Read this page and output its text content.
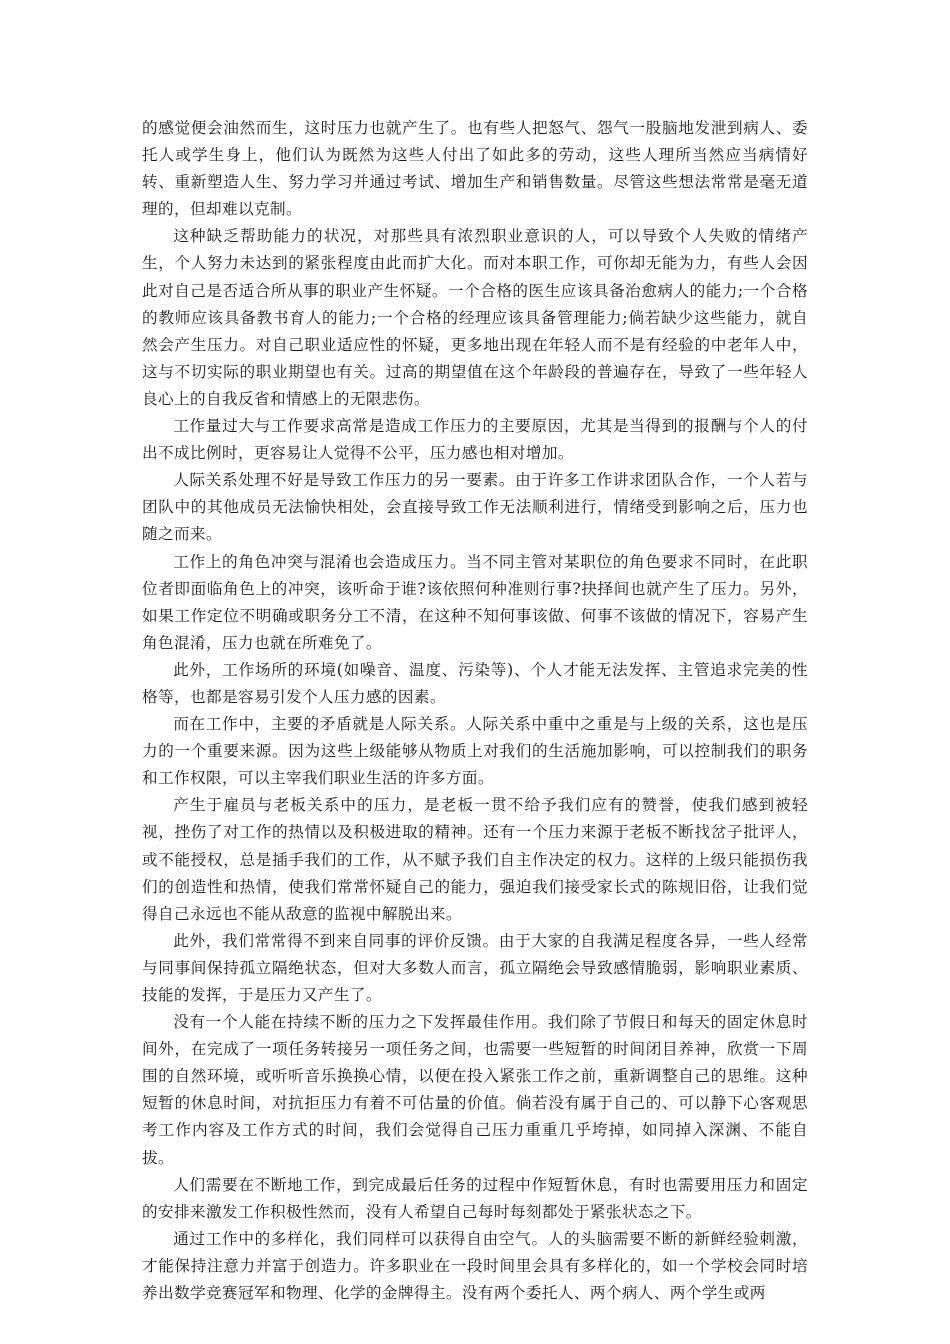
的感觉便会油然而生，这时压力也就产生了。也有些人把怒气、怨气一股脑地发泄到病人、委托人或学生身上，他们认为既然为这些人付出了如此多的劳动，这些人理所当然应当病情好转、重新塑造人生、努力学习并通过考试、增加生产和销售数量。尽管这些想法常常是毫无道理的，但却难以克制。

这种缺乏帮助能力的状况，对那些具有浓烈职业意识的人，可以导致个人失败的情绪产生，个人努力未达到的紧张程度由此而扩大化。而对本职工作，可你却无能为力，有些人会因此对自己是否适合所从事的职业产生怀疑。一个合格的医生应该具备治愈病人的能力;一个合格的教师应该具备教书育人的能力;一个合格的经理应该具备管理能力;倘若缺少这些能力，就自然会产生压力。对自己职业适应性的怀疑，更多地出现在年轻人而不是有经验的中老年人中，这与不切实际的职业期望也有关。过高的期望值在这个年龄段的普遍存在，导致了一些年轻人良心上的自我反省和情感上的无限悲伤。

工作量过大与工作要求高常是造成工作压力的主要原因，尤其是当得到的报酬与个人的付出不成比例时，更容易让人觉得不公平，压力感也相对增加。

人际关系处理不好是导致工作压力的另一要素。由于许多工作讲求团队合作，一个人若与团队中的其他成员无法愉快相处，会直接导致工作无法顺利进行，情绪受到影响之后，压力也随之而来。

工作上的角色冲突与混淆也会造成压力。当不同主管对某职位的角色要求不同时，在此职位者即面临角色上的冲突，该听命于谁?该依照何种准则行事?抉择间也就产生了压力。另外，如果工作定位不明确或职务分工不清，在这种不知何事该做、何事不该做的情况下，容易产生角色混淆，压力也就在所难免了。

此外，工作场所的环境(如噪音、温度、污染等)、个人才能无法发挥、主管追求完美的性格等，也都是容易引发个人压力感的因素。

而在工作中，主要的矛盾就是人际关系。人际关系中重中之重是与上级的关系，这也是压力的一个重要来源。因为这些上级能够从物质上对我们的生活施加影响，可以控制我们的职务和工作权限，可以主宰我们职业生活的许多方面。

产生于雇员与老板关系中的压力，是老板一贯不给予我们应有的赞誉，使我们感到被轻视，挫伤了对工作的热情以及积极进取的精神。还有一个压力来源于老板不断找岔子批评人，或不能授权，总是插手我们的工作，从不赋予我们自主作决定的权力。这样的上级只能损伤我们的创造性和热情，使我们常常怀疑自己的能力，强迫我们接受家长式的陈规旧俗，让我们觉得自己永远也不能从敌意的监视中解脱出来。

此外，我们常常得不到来自同事的评价反馈。由于大家的自我满足程度各异，一些人经常与同事间保持孤立隔绝状态，但对大多数人而言，孤立隔绝会导致感情脆弱，影响职业素质、技能的发挥，于是压力又产生了。

没有一个人能在持续不断的压力之下发挥最佳作用。我们除了节假日和每天的固定休息时间外，在完成了一项任务转接另一项任务之间，也需要一些短暂的时间闭目养神，欣赏一下周围的自然环境，或听听音乐换换心情，以便在投入紧张工作之前，重新调整自己的思维。这种短暂的休息时间，对抗拒压力有着不可估量的价值。倘若没有属于自己的、可以静下心客观思考工作内容及工作方式的时间，我们会觉得自己压力重重几乎垮掉，如同掉入深渊、不能自拔。

人们需要在不断地工作，到完成最后任务的过程中作短暂休息，有时也需要用压力和固定的安排来激发工作积极性然而，没有人希望自己每时每刻都处于紧张状态之下。

通过工作中的多样化，我们同样可以获得自由空气。人的头脑需要不断的新鲜经验刺激，才能保持注意力并富于创造力。许多职业在一段时间里会具有多样化的，如一个学校会同时培养出数学竞赛冠军和物理、化学的金牌得主。没有两个委托人、两个病人、两个学生或两
